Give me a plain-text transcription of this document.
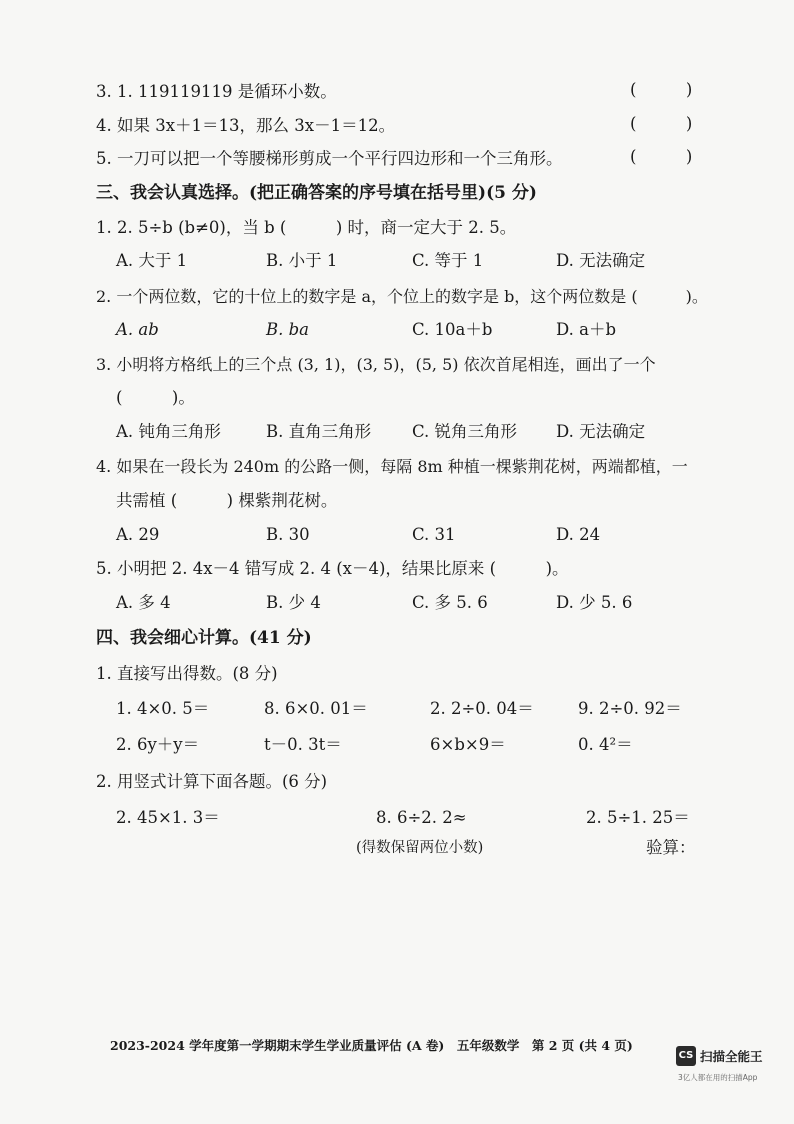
3. 1. 119119119 是循环小数。	(　　　)
4. 如果 3x＋1＝13，那么 3x－1＝12。	(　　　)
5. 一刀可以把一个等腰梯形剪成一个平行四边形和一个三角形。	(　　　)
三、我会认真选择。(把正确答案的序号填在括号里)(5 分)
1. 2. 5÷b (b≠0)，当 b (　　　) 时，商一定大于 2. 5。
A. 大于 1	B. 小于 1	C. 等于 1	D. 无法确定
2. 一个两位数，它的十位上的数字是 a，个位上的数字是 b，这个两位数是 (　　　)。
A. ab	B. ba	C. 10a＋b	D. a＋b
3. 小明将方格纸上的三个点 (3, 1)，(3, 5)，(5, 5) 依次首尾相连，画出了一个
(　　　)。
A. 钝角三角形	B. 直角三角形 C. 锐角三角形 D. 无法确定
4. 如果在一段长为 240m 的公路一侧，每隔 8m 种植一棵紫荆花树，两端都植，一
共需植 (　　　) 棵紫荆花树。
A. 29	B. 30	C. 31	D. 24
5. 小明把 2. 4x－4 错写成 2. 4 (x－4)，结果比原来 (　　　)。
A. 多 4	B. 少 4	C. 多 5. 6	D. 少 5. 6
四、我会细心计算。(41 分)
1. 直接写出得数。(8 分)
1. 4×0. 5＝	8. 6×0. 01＝	2. 2÷0. 04＝	9. 2÷0. 92＝
2. 6y＋y＝	t－0. 3t＝	6×b×9＝	0. 4²＝
2. 用竖式计算下面各题。(6 分)
2. 45×1. 3＝	8. 6÷2. 2≈	2. 5÷1. 25＝
(得数保留两位小数)	验算：
2023-2024 学年度第一学期期末学生学业质量评估 (A 卷)　五年级数学　第 2 页 (共 4 页)
CS 扫描全能王
3亿人都在用的扫描App
